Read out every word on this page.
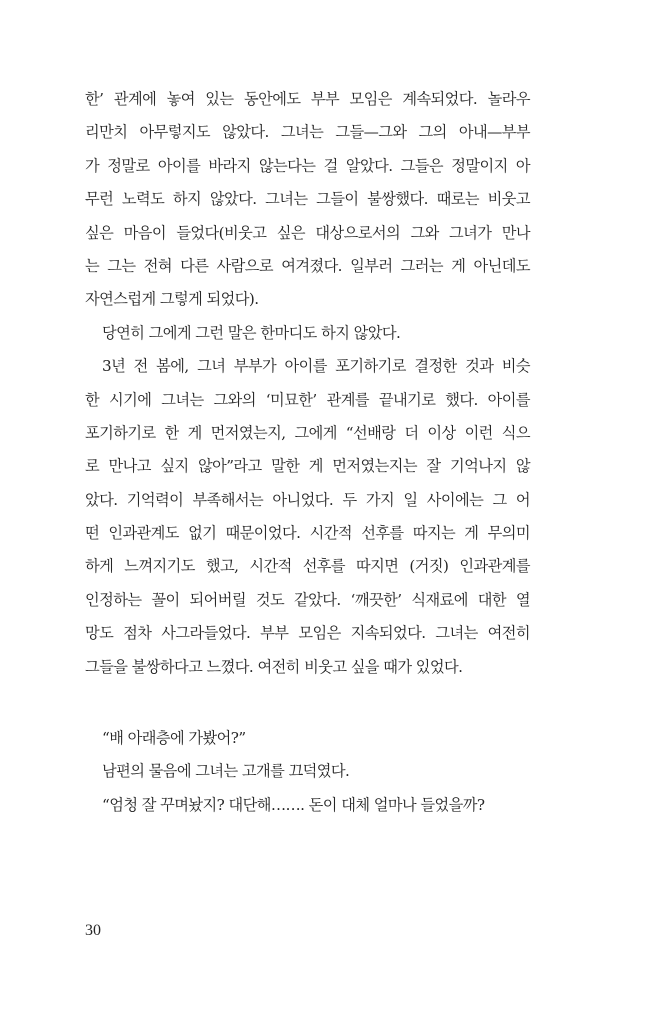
한’ 관계에 놓여 있는 동안에도 부부 모임은 계속되었다. 놀라우
리만치 아무렇지도 않았다. 그녀는 그들—그와 그의 아내—부부
가 정말로 아이를 바라지 않는다는 걸 알았다. 그들은 정말이지 아
무런 노력도 하지 않았다. 그녀는 그들이 불쌍했다. 때로는 비웃고
싶은 마음이 들었다(비웃고 싶은 대상으로서의 그와 그녀가 만나
는 그는 전혀 다른 사람으로 여겨졌다. 일부러 그러는 게 아닌데도
자연스럽게 그렇게 되었다).
당연히 그에게 그런 말은 한마디도 하지 않았다.
3년 전 봄에, 그녀 부부가 아이를 포기하기로 결정한 것과 비슷
한 시기에 그녀는 그와의 ‘미묘한’ 관계를 끝내기로 했다. 아이를
포기하기로 한 게 먼저였는지, 그에게 “선배랑 더 이상 이런 식으
로 만나고 싶지 않아”라고 말한 게 먼저였는지는 잘 기억나지 않
았다. 기억력이 부족해서는 아니었다. 두 가지 일 사이에는 그 어
떤 인과관계도 없기 때문이었다. 시간적 선후를 따지는 게 무의미
하게 느껴지기도 했고, 시간적 선후를 따지면 (거짓) 인과관계를
인정하는 꼴이 되어버릴 것도 같았다. ‘깨끗한’ 식재료에 대한 열
망도 점차 사그라들었다. 부부 모임은 지속되었다. 그녀는 여전히
그들을 불쌍하다고 느꼈다. 여전히 비웃고 싶을 때가 있었다.
“배 아래층에 가봤어?”
남편의 물음에 그녀는 고개를 끄덕였다.
“엄청 잘 꾸며놨지? 대단해……. 돈이 대체 얼마나 들었을까?
30
